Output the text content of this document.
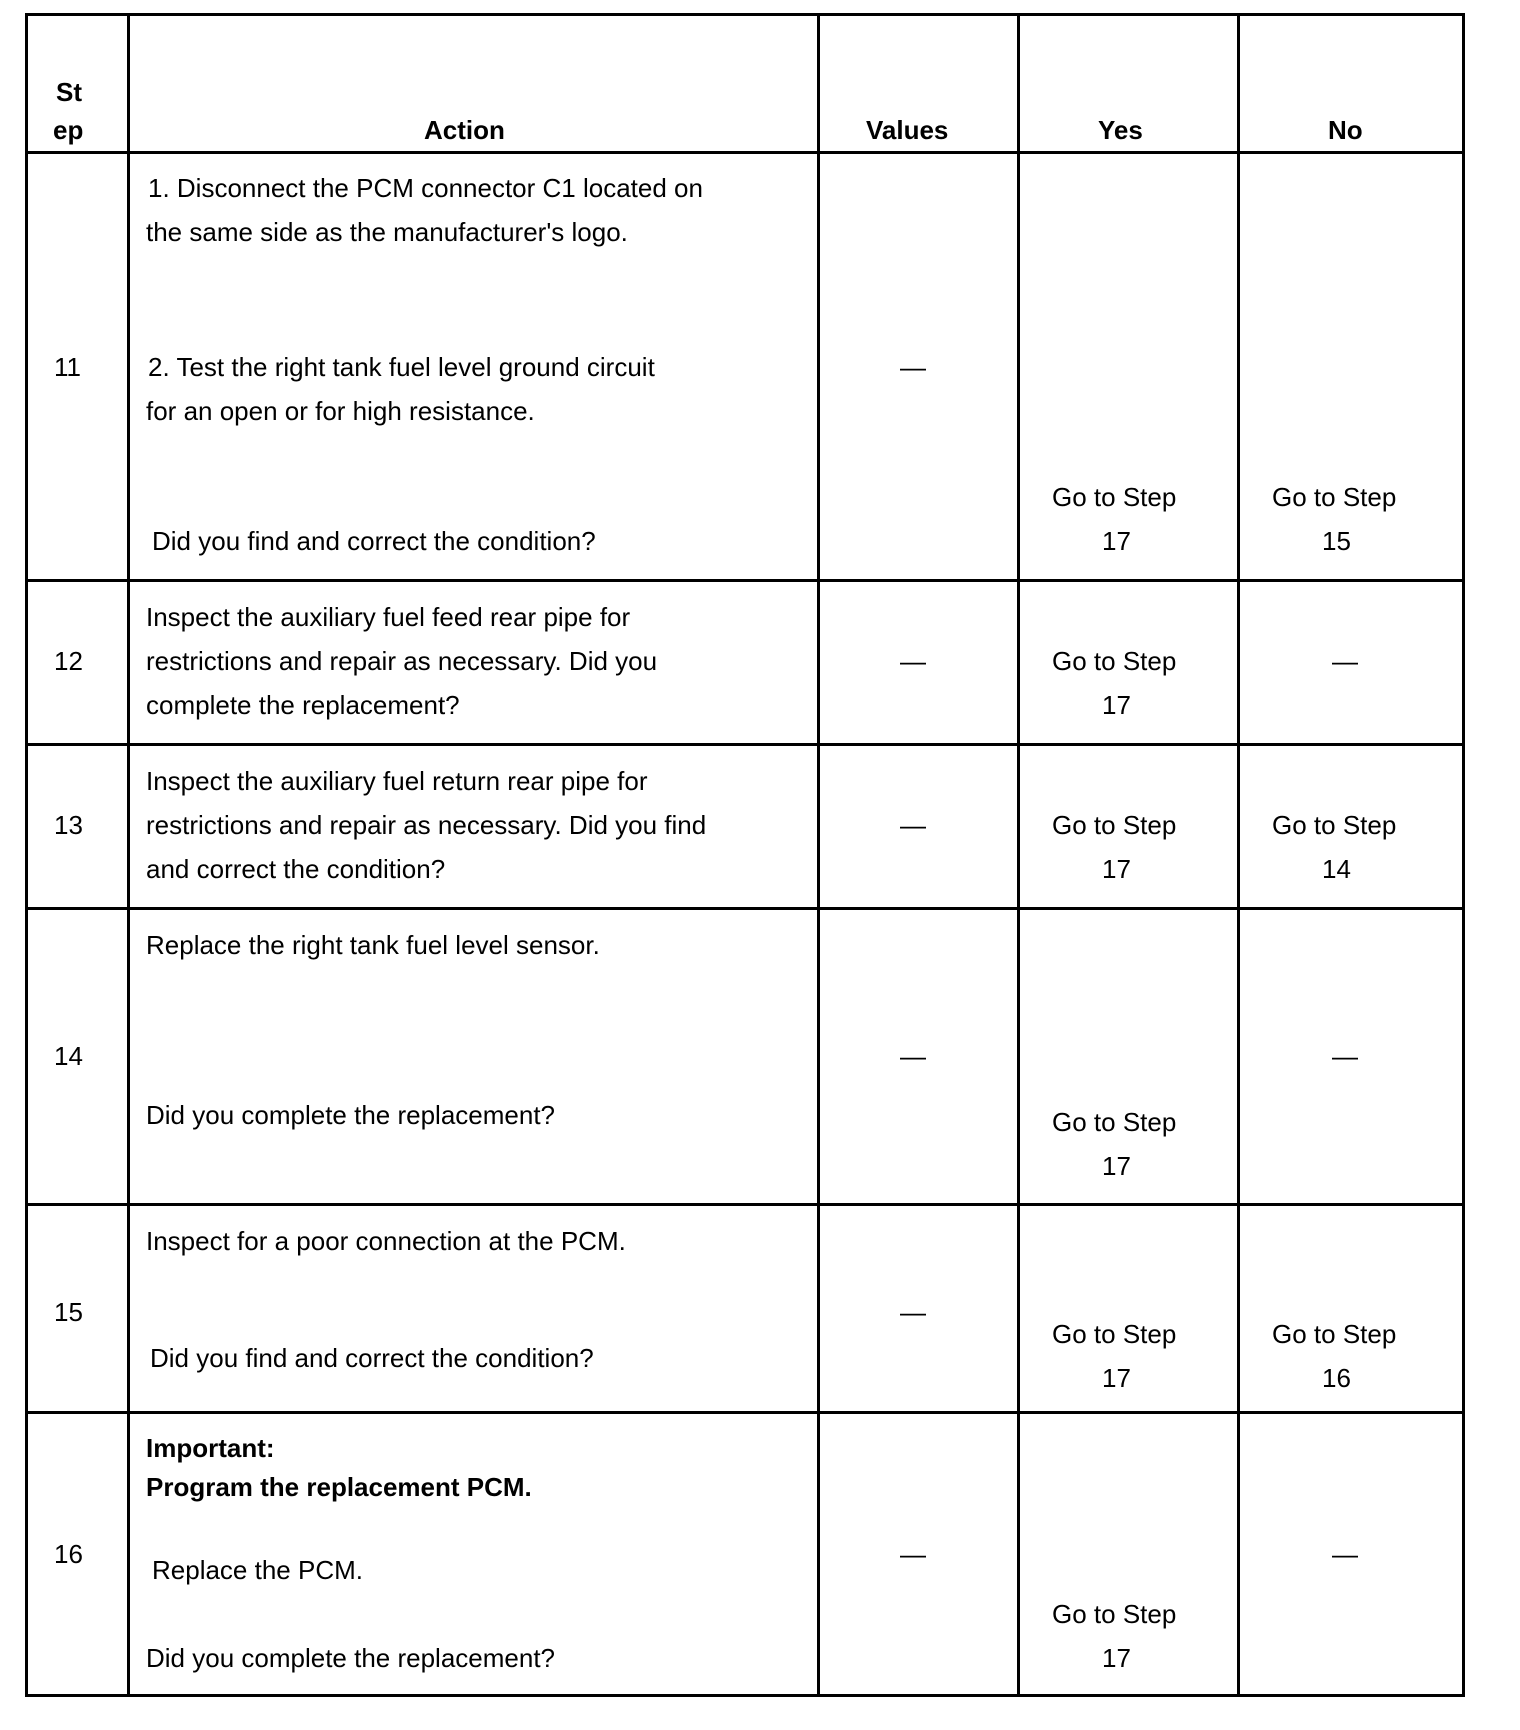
St
ep	Action	Values	Yes	No

11	1. Disconnect the PCM connector C1 located on
the same side as the manufacturer's logo.
2. Test the right tank fuel level ground circuit
for an open or for high resistance.
Did you find and correct the condition?	—	Go to Step
17	Go to Step
15

12	Inspect the auxiliary fuel feed rear pipe for
restrictions and repair as necessary. Did you
complete the replacement?	—	Go to Step
17	—

13	Inspect the auxiliary fuel return rear pipe for
restrictions and repair as necessary. Did you find
and correct the condition?	—	Go to Step
17	Go to Step
14

14	Replace the right tank fuel level sensor.
Did you complete the replacement?	—	Go to Step
17	—

15	Inspect for a poor connection at the PCM.
Did you find and correct the condition?	—	Go to Step
17	Go to Step
16

16	Important:
Program the replacement PCM.
Replace the PCM.
Did you complete the replacement?	—	Go to Step
17	—
